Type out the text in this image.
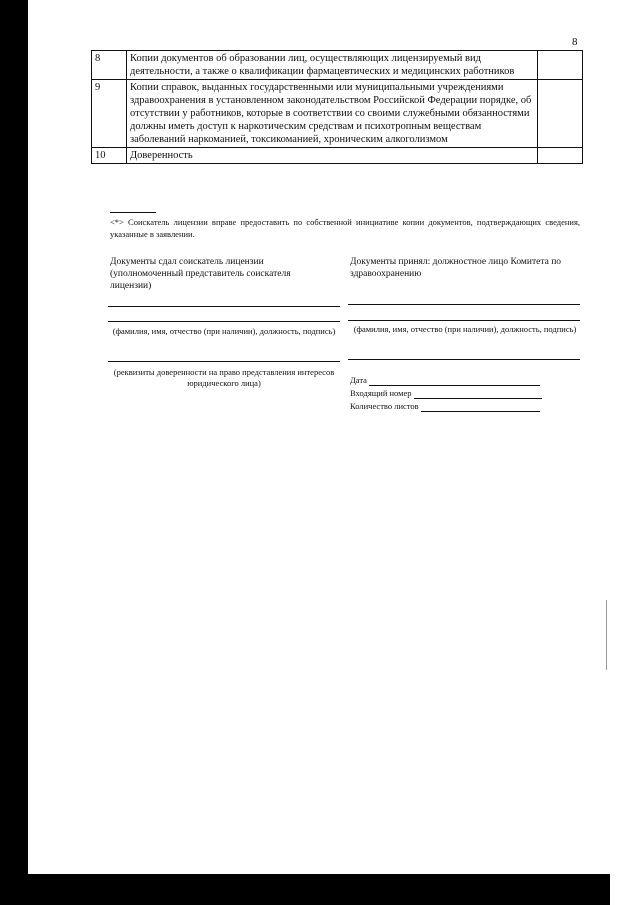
8
8	Копии документов об образовании лиц, осуществляющих лицензируемый вид деятельности, а также о квалификации фармацевтических и медицинских работников	
9	Копии справок, выданных государственными или муниципальными учреждениями здравоохранения в установленном законодательством Российской Федерации порядке, об отсутствии у работников, которые в соответствии со своими служебными обязанностями должны иметь доступ к наркотическим средствам и психотропным веществам заболеваний наркоманией, токсикоманией, хроническим алкоголизмом	
10	Доверенность	
<*> Соискатель лицензии вправе предоставить по собственной инициативе копии документов, подтверждающих сведения, указанные в заявлении.
Документы сдал соискатель лицензии (уполномоченный представитель соискателя лицензии)
Документы принял: должностное лицо Комитета по здравоохранению
(фамилия, имя, отчество (при наличии), должность, подпись)	(фамилия, имя, отчество (при наличии), должность, подпись)
(реквизиты доверенности на право представления интересов юридического лица)	Дата
Входящий номер
Количество листов
